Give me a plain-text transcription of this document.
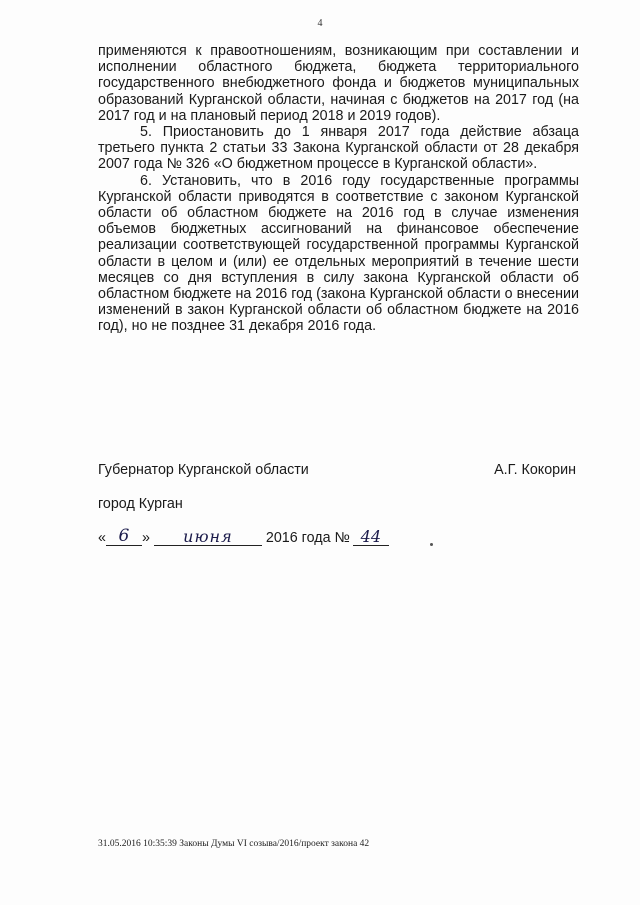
4

применяются к правоотношениям, возникающим при составлении и исполнении областного бюджета, бюджета территориального государственного внебюджетного фонда и бюджетов муниципальных образований Курганской области, начиная с бюджетов на 2017 год (на 2017 год и на плановый период 2018 и 2019 годов).

5. Приостановить до 1 января 2017 года действие абзаца третьего пункта 2 статьи 33 Закона Курганской области от 28 декабря 2007 года № 326 «О бюджетном процессе в Курганской области».

6. Установить, что в 2016 году государственные программы Курганской области приводятся в соответствие с законом Курганской области об областном бюджете на 2016 год в случае изменения объемов бюджетных ассигнований на финансовое обеспечение реализации соответствующей государственной программы Курганской области в целом и (или) ее отдельных мероприятий в течение шести месяцев со дня вступления в силу закона Курганской области об областном бюджете на 2016 год (закона Курганской области о внесении изменений в закон Курганской области об областном бюджете на 2016 год), но не позднее 31 декабря 2016 года.

Губернатор Курганской области	А.Г. Кокорин
город Курган
« 6 »	июня	2016 года № 44
31.05.2016 10:35:39 Законы Думы VI созыва/2016/проект закона 42
